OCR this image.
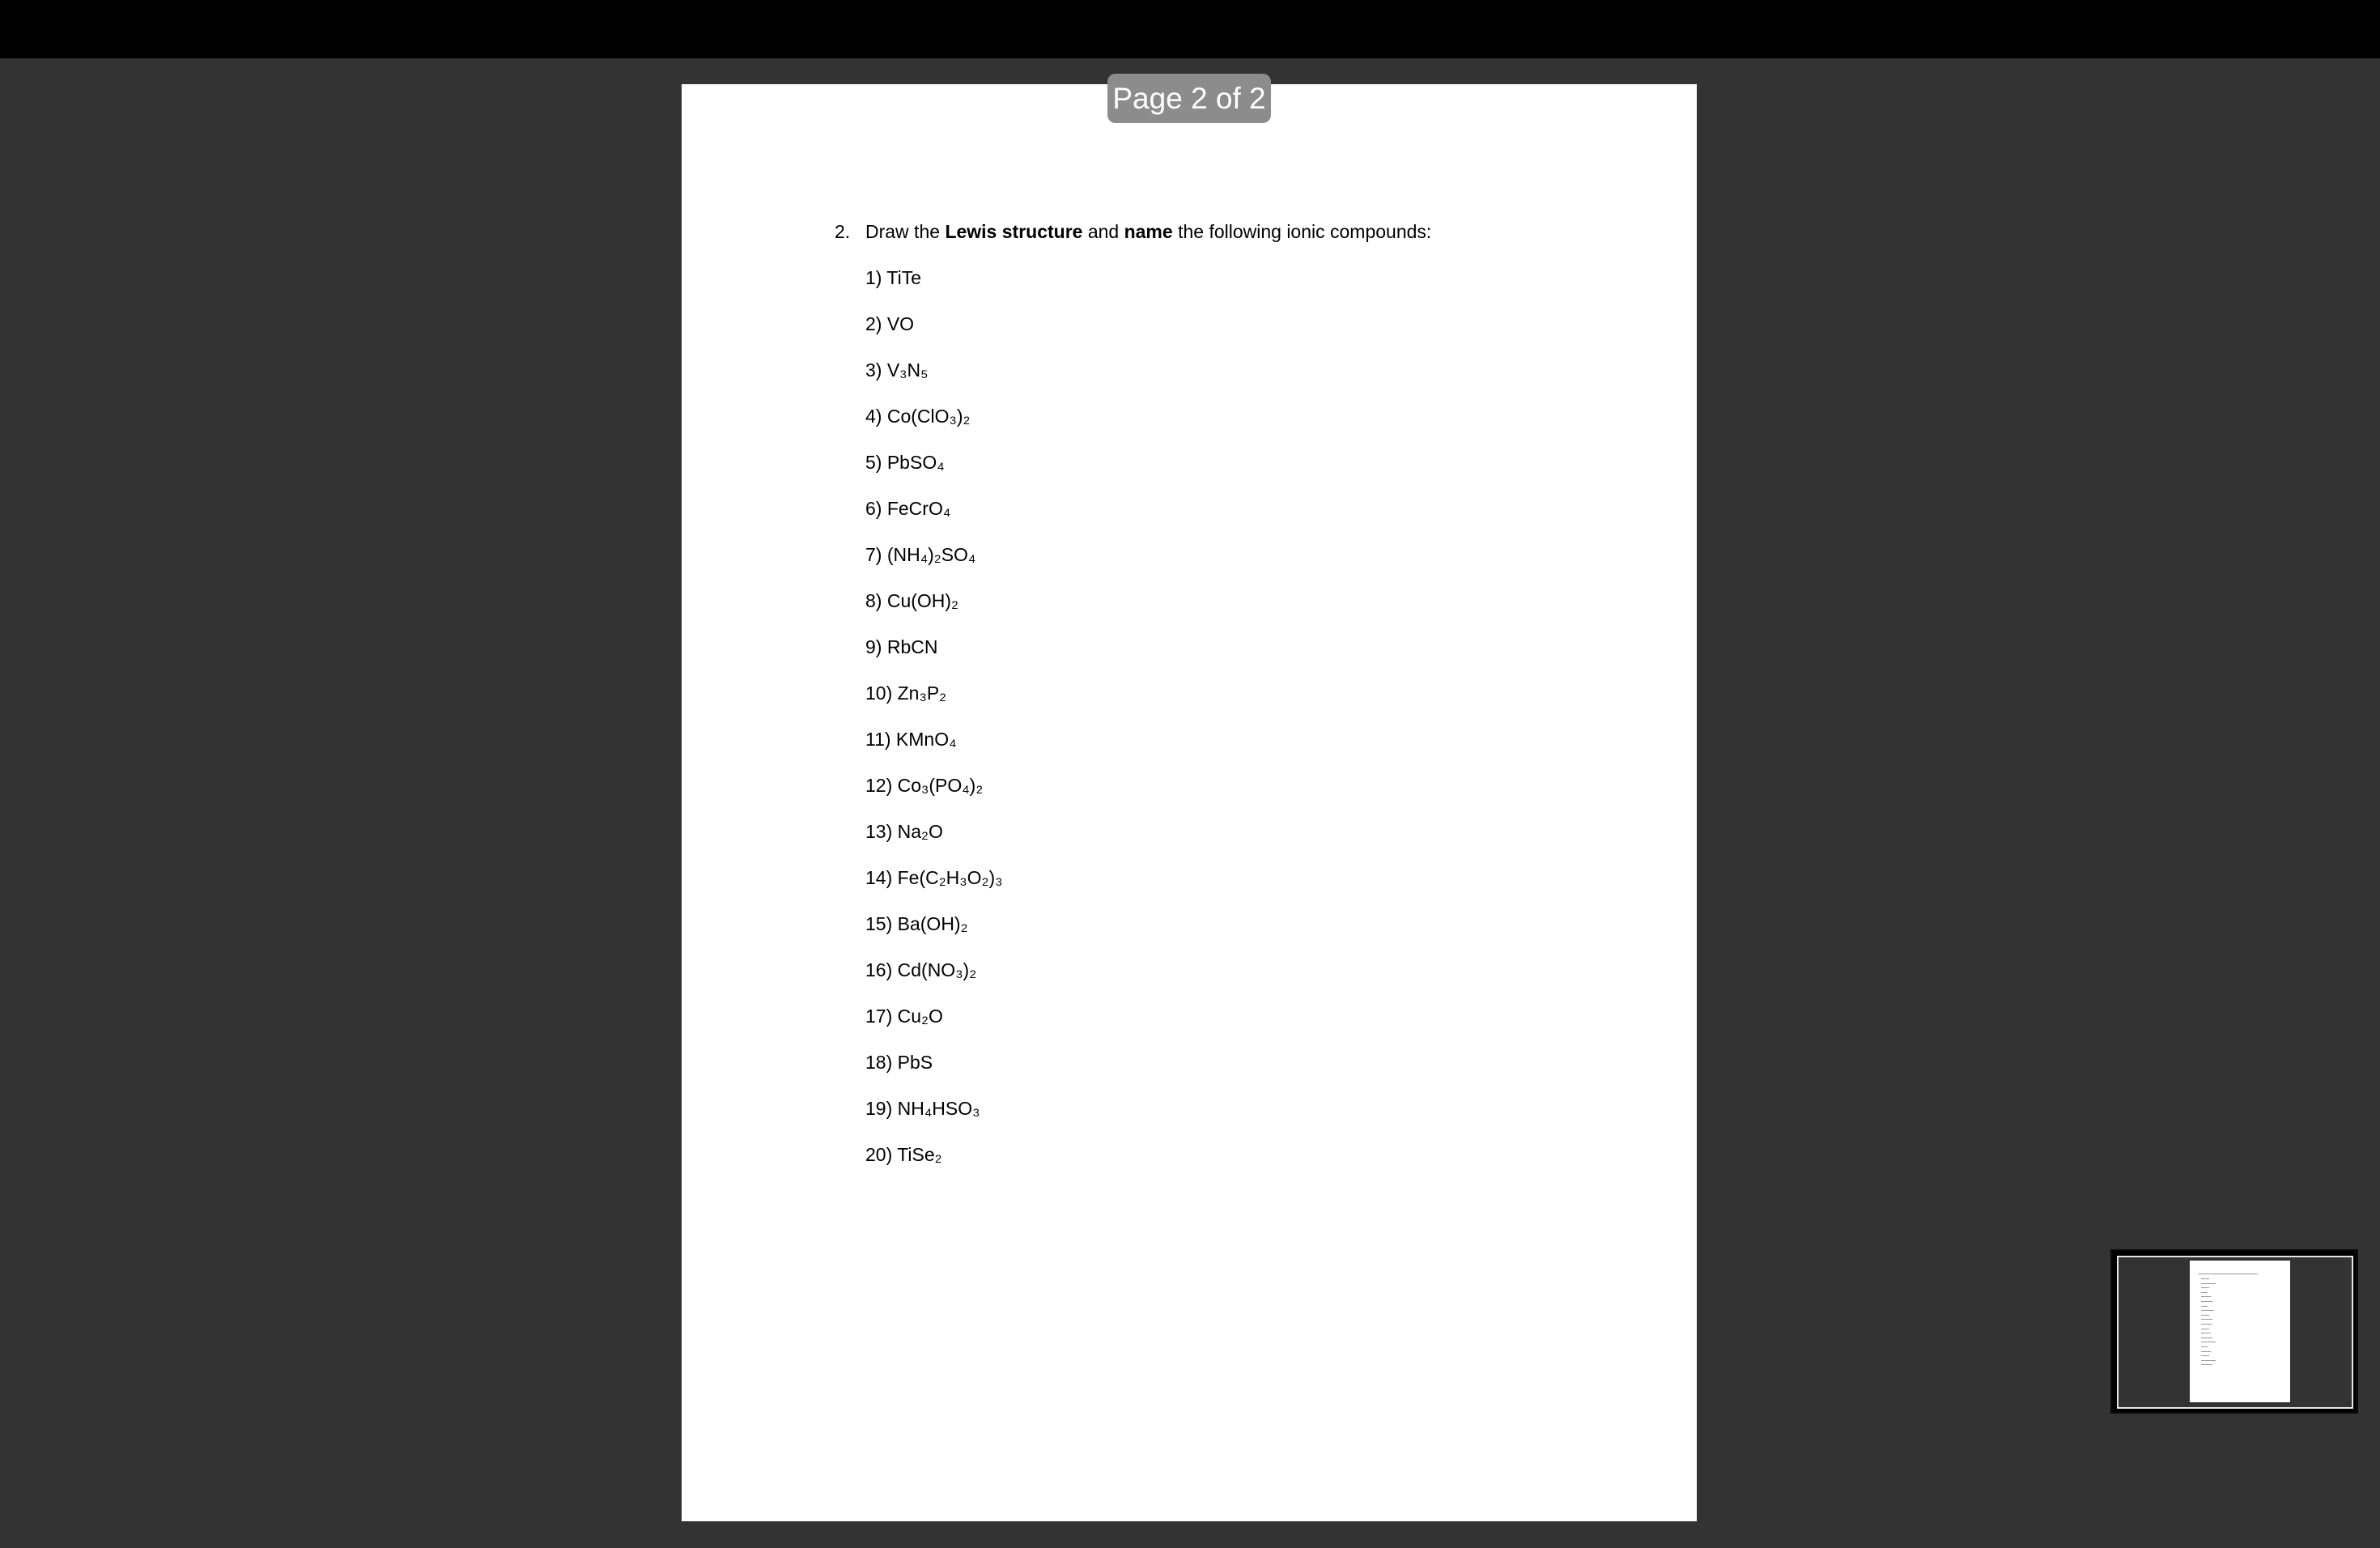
Page 2 of 2
2. Draw the Lewis structure and name the following ionic compounds:
1) TiTe
2) VO
3) V₃N₅
4) Co(ClO₃)₂
5) PbSO₄
6) FeCrO₄
7) (NH₄)₂SO₄
8) Cu(OH)₂
9) RbCN
10) Zn₃P₂
11) KMnO₄
12) Co₃(PO₄)₂
13) Na₂O
14) Fe(C₂H₃O₂)₃
15) Ba(OH)₂
16) Cd(NO₃)₂
17) Cu₂O
18) PbS
19) NH₄HSO₃
20) TiSe₂
